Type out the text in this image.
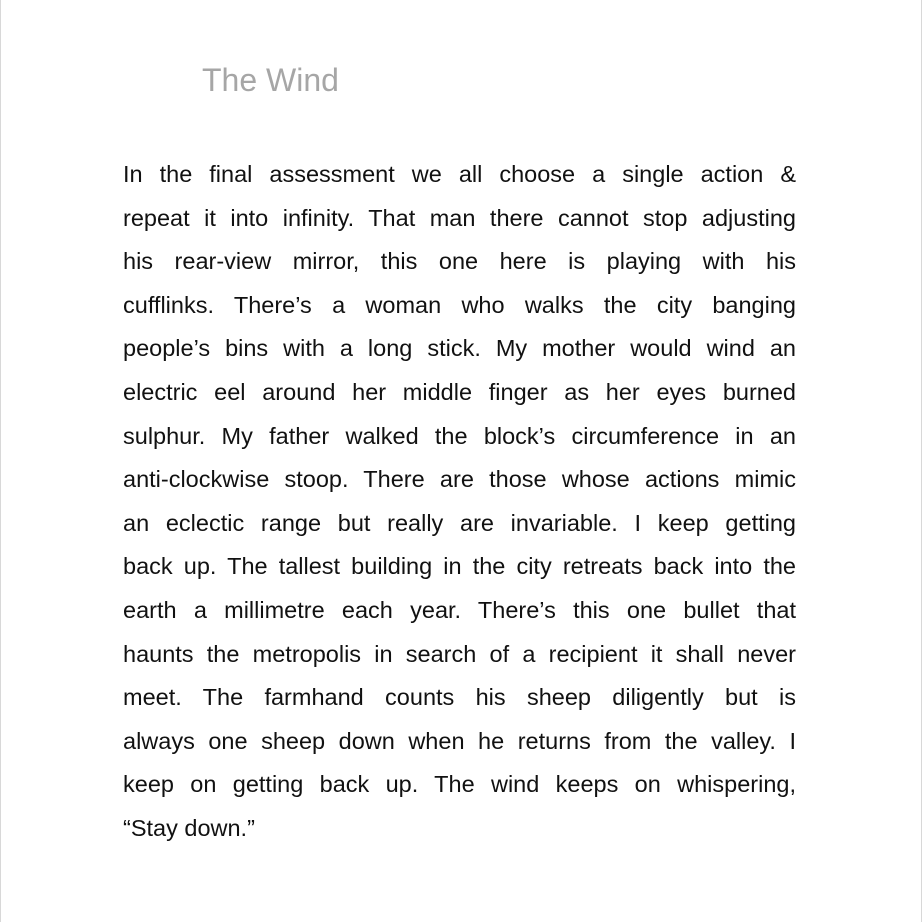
The Wind
In the final assessment we all choose a single action &
repeat it into infinity. That man there cannot stop adjusting
his rear-view mirror, this one here is playing with his
cufflinks. There’s a woman who walks the city banging
people’s bins with a long stick. My mother would wind an
electric eel around her middle finger as her eyes burned
sulphur. My father walked the block’s circumference in an
anti-clockwise stoop. There are those whose actions mimic
an eclectic range but really are invariable. I keep getting
back up. The tallest building in the city retreats back into the
earth a millimetre each year. There’s this one bullet that
haunts the metropolis in search of a recipient it shall never
meet. The farmhand counts his sheep diligently but is
always one sheep down when he returns from the valley. I
keep on getting back up. The wind keeps on whispering,
“Stay down.”
